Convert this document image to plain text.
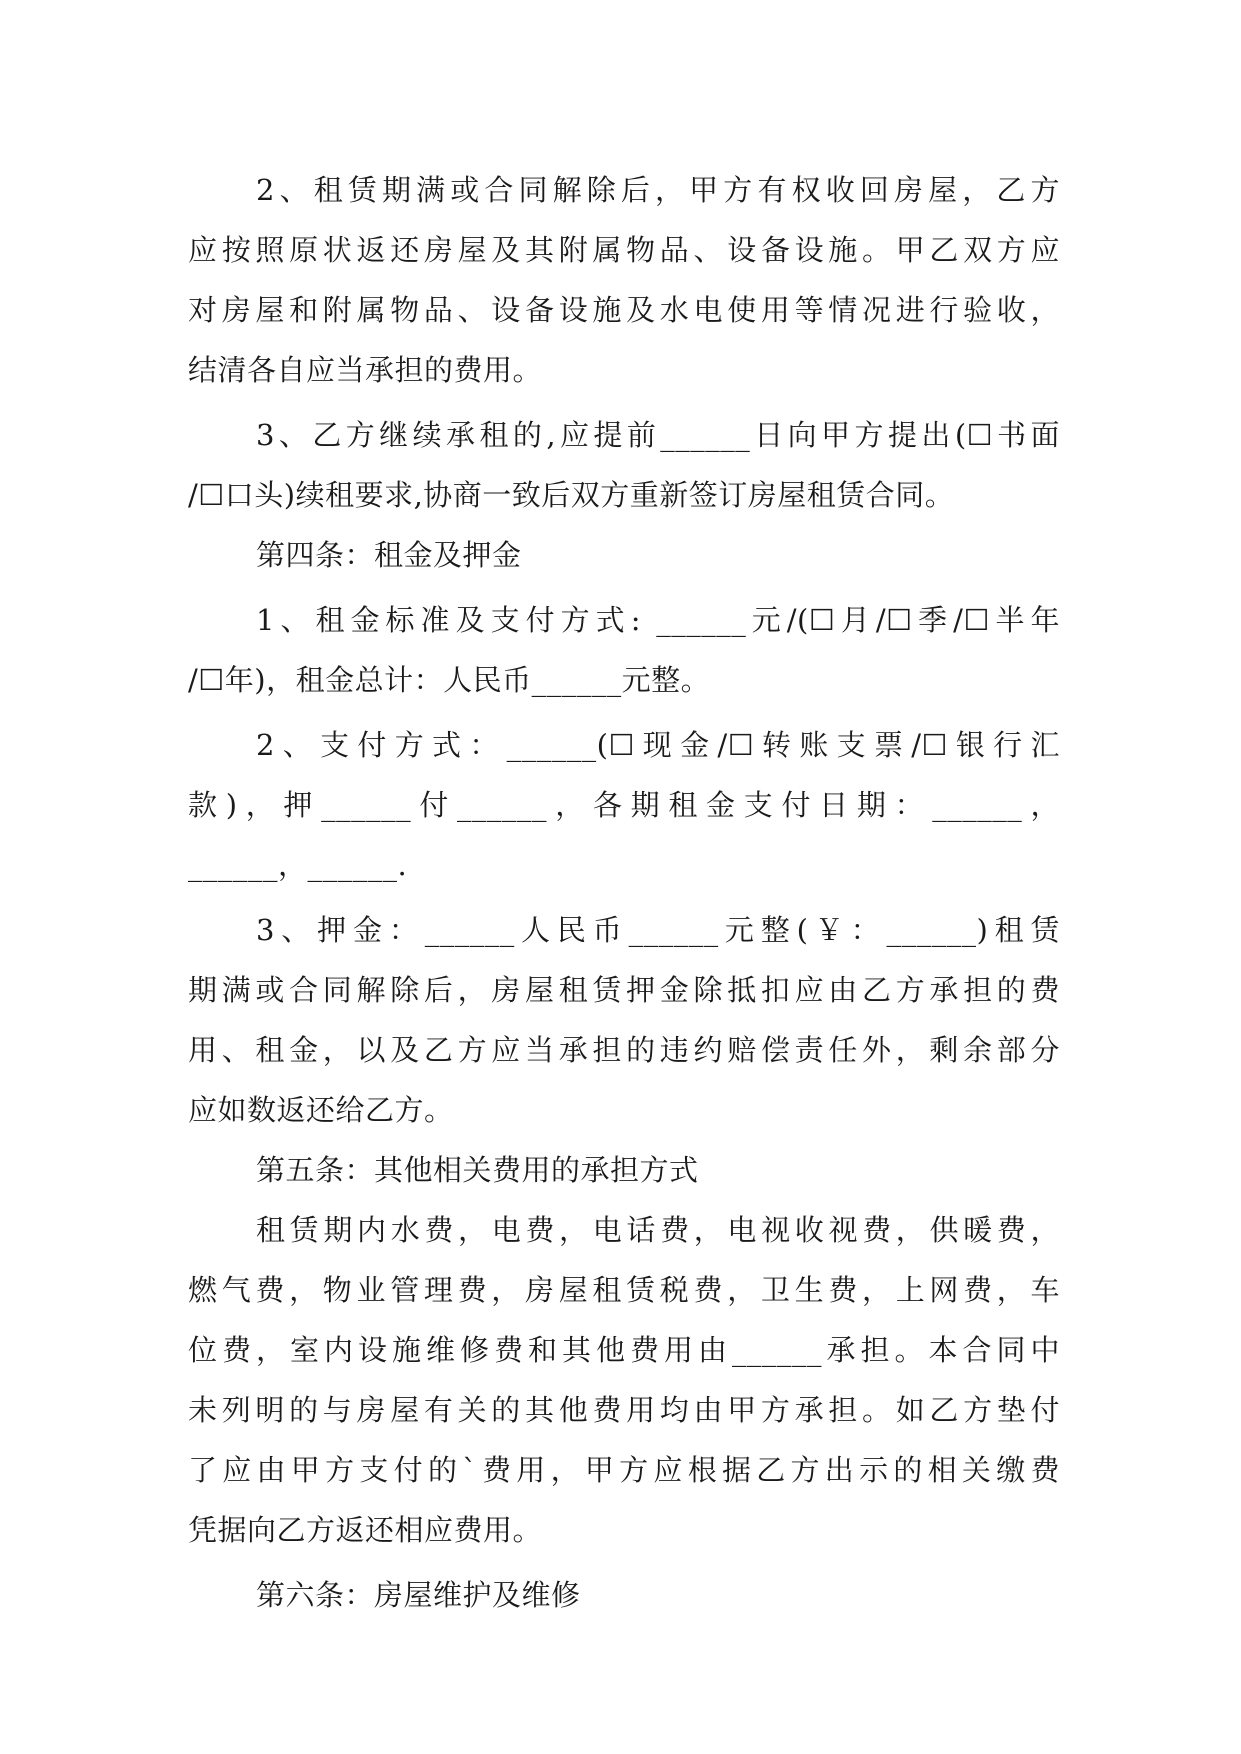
2、租赁期满或合同解除后，甲方有权收回房屋，乙方
应按照原状返还房屋及其附属物品、设备设施。甲乙双方应
对房屋和附属物品、设备设施及水电使用等情况进行验收，
结清各自应当承担的费用。
3、乙方继续承租的,应提前______日向甲方提出(☐书面
/☐口头)续租要求,协商一致后双方重新签订房屋租赁合同。
第四条：租金及押金
1、租金标准及支付方式: ______元/(☐月/☐季/☐半年
/☐年)，租金总计：人民币______元整。
2、支付方式：______(☐现金/☐转账支票/☐银行汇
款)，押______付______，各期租金支付日期：______，
______，______.
3、押金：______人民币______元整(￥：______)租赁
期满或合同解除后，房屋租赁押金除抵扣应由乙方承担的费
用、租金，以及乙方应当承担的违约赔偿责任外，剩余部分
应如数返还给乙方。
第五条：其他相关费用的承担方式
租赁期内水费，电费，电话费，电视收视费，供暖费，
燃气费，物业管理费，房屋租赁税费，卫生费，上网费，车
位费，室内设施维修费和其他费用由______承担。本合同中
未列明的与房屋有关的其他费用均由甲方承担。如乙方垫付
了应由甲方支付的`费用，甲方应根据乙方出示的相关缴费
凭据向乙方返还相应费用。
第六条：房屋维护及维修
